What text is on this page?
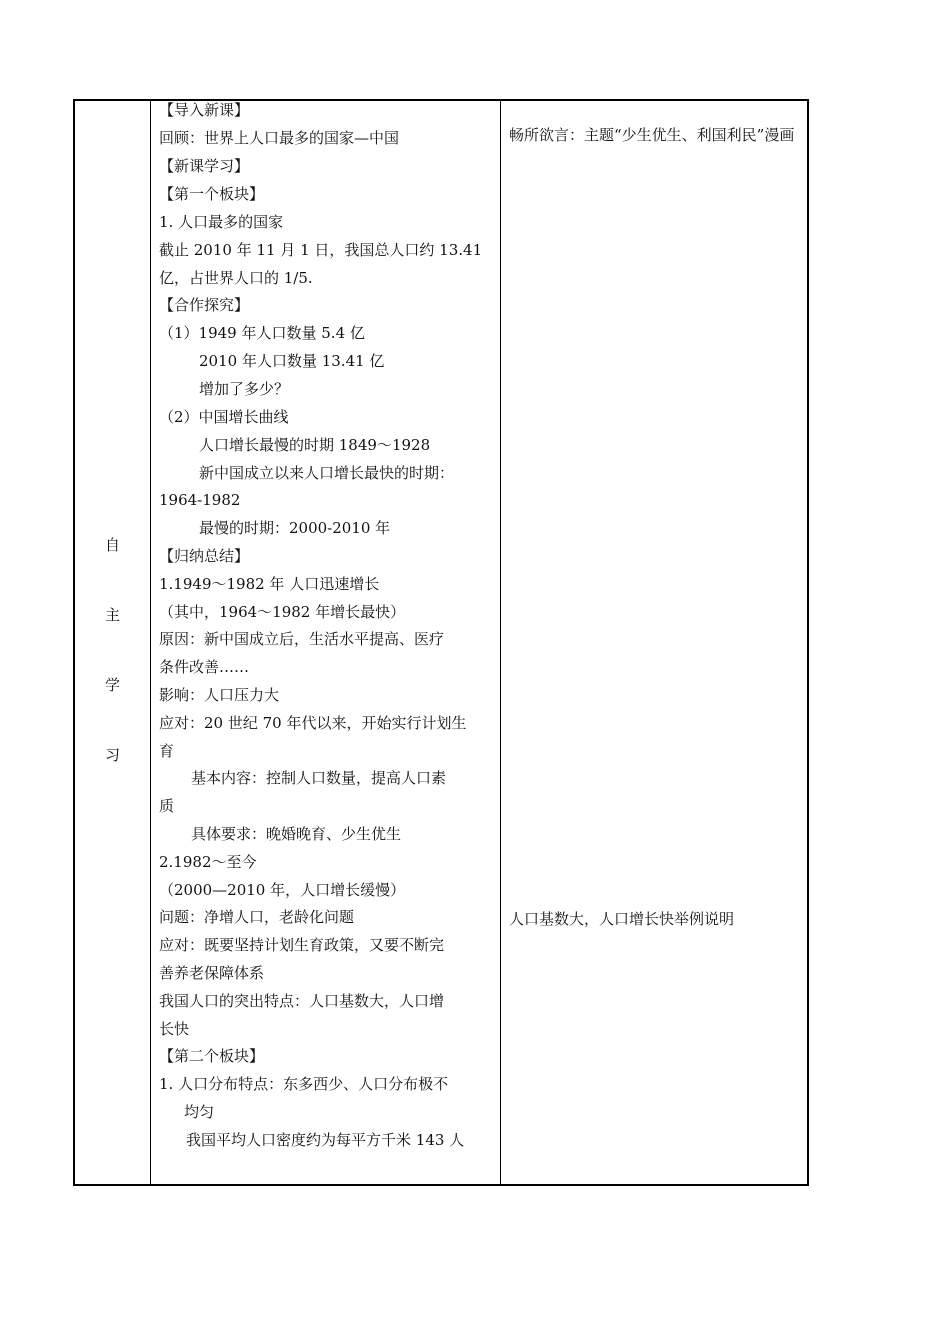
自
主
学
习
【导入新课】
回顾：世界上人口最多的国家—中国
【新课学习】
【第一个板块】
1. 人口最多的国家
截止 2010 年 11 月 1 日，我国总人口约 13.41
亿，占世界人口的 1/5.
【合作探究】
（1）1949 年人口数量 5.4 亿
2010 年人口数量 13.41 亿
增加了多少？
（2）中国增长曲线
人口增长最慢的时期 1849～1928
新中国成立以来人口增长最快的时期：
1964-1982
最慢的时期：2000-2010 年
【归纳总结】
1.1949～1982 年 人口迅速增长
（其中，1964～1982 年增长最快）
原因：新中国成立后，生活水平提高、医疗
条件改善……
影响：人口压力大
应对：20 世纪 70 年代以来，开始实行计划生
育
基本内容：控制人口数量，提高人口素
质
具体要求：晚婚晚育、少生优生
2.1982～至今
（2000—2010 年，人口增长缓慢）
问题：净增人口，老龄化问题
应对：既要坚持计划生育政策，又要不断完
善养老保障体系
我国人口的突出特点：人口基数大，人口增
长快
【第二个板块】
1. 人口分布特点：东多西少、人口分布极不
均匀
我国平均人口密度约为每平方千米 143 人
畅所欲言：主题“少生优生、利国利民”漫画
人口基数大，人口增长快举例说明
